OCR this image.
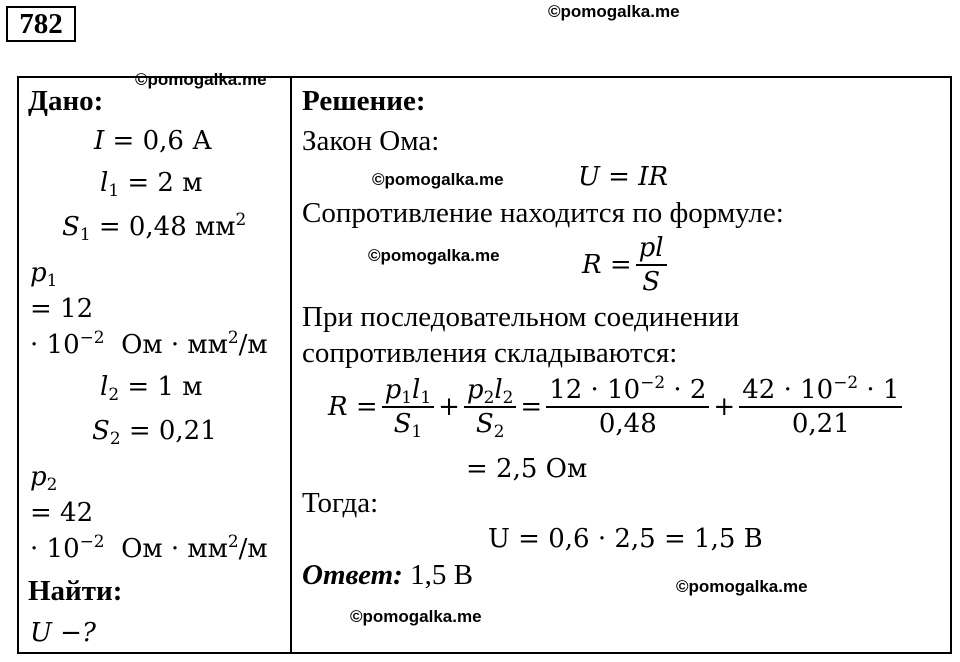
782	©pomogalka.me
©pomogalka.me
©pomogalka.me
©pomogalka.me
©pomogalka.me
©pomogalka.me
Дано:
I = 0,6 А
$l_1 = 2$ м
$S_1 = 0,48$ $мм^2$
$p_1$
= 12
· $10^{-2}$ Ом · $мм^2/м$
$l_2 = 1$ м
$S_2 = 0,21$
$p_2$
= 42
· $10^{-2}$ Ом · $мм^2/м$
Найти:
U −?
Решение:
Закон Ома:
U = IR
Сопротивление находится по формуле:
$R = \frac{pl}{S}$
При последовательном соединении
сопротивления складываются:
$R = \frac{p_1l_1}{S_1} + \frac{p_2l_2}{S_2} = \frac{12 \cdot 10^{-2} \cdot 2}{0,48} + \frac{42 \cdot 10^{-2} \cdot 1}{0,21}$
= 2,5 Ом
Тогда:
U = 0,6 · 2,5 = 1,5 В
Ответ: 1,5 В
